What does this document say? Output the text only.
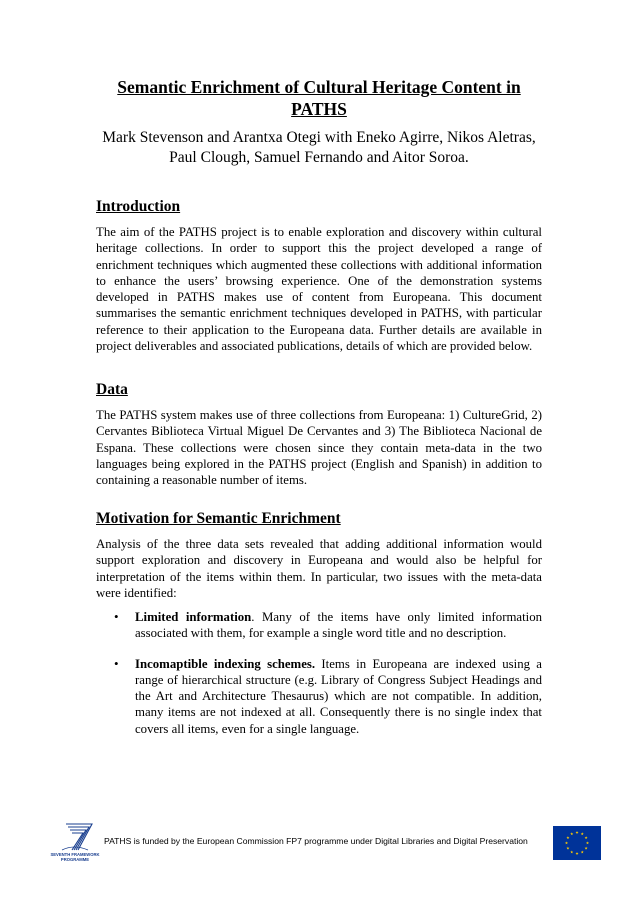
Semantic Enrichment of Cultural Heritage Content in PATHS

Mark Stevenson and Arantxa Otegi with Eneko Agirre, Nikos Aletras, Paul Clough, Samuel Fernando and Aitor Soroa.

Introduction

The aim of the PATHS project is to enable exploration and discovery within cultural heritage collections. In order to support this the project developed a range of enrichment techniques which augmented these collections with additional information to enhance the users’ browsing experience. One of the demonstration systems developed in PATHS makes use of content from Europeana. This document summarises the semantic enrichment techniques developed in PATHS, with particular reference to their application to the Europeana data. Further details are available in project deliverables and associated publications, details of which are provided below.

Data

The PATHS system makes use of three collections from Europeana: 1) CultureGrid, 2) Cervantes Biblioteca Virtual Miguel De Cervantes and 3) The Biblioteca Nacional de Espana. These collections were chosen since they contain meta-data in the two languages being explored in the PATHS project (English and Spanish) in addition to containing a reasonable number of items.

Motivation for Semantic Enrichment

Analysis of the three data sets revealed that adding additional information would support exploration and discovery in Europeana and would also be helpful for interpretation of the items within them. In particular, two issues with the meta-data were identified:

• Limited information. Many of the items have only limited information associated with them, for example a single word title and no description.
• Incomaptible indexing schemes. Items in Europeana are indexed using a range of hierarchical structure (e.g. Library of Congress Subject Headings and the Art and Architecture Thesaurus) which are not compatible. In addition, many items are not indexed at all. Consequently there is no single index that covers all items, even for a single language.
SEVENTH FRAMEWORK
PROGRAMME
PATHS is funded by the European Commission FP7 programme under Digital Libraries and Digital Preservation
